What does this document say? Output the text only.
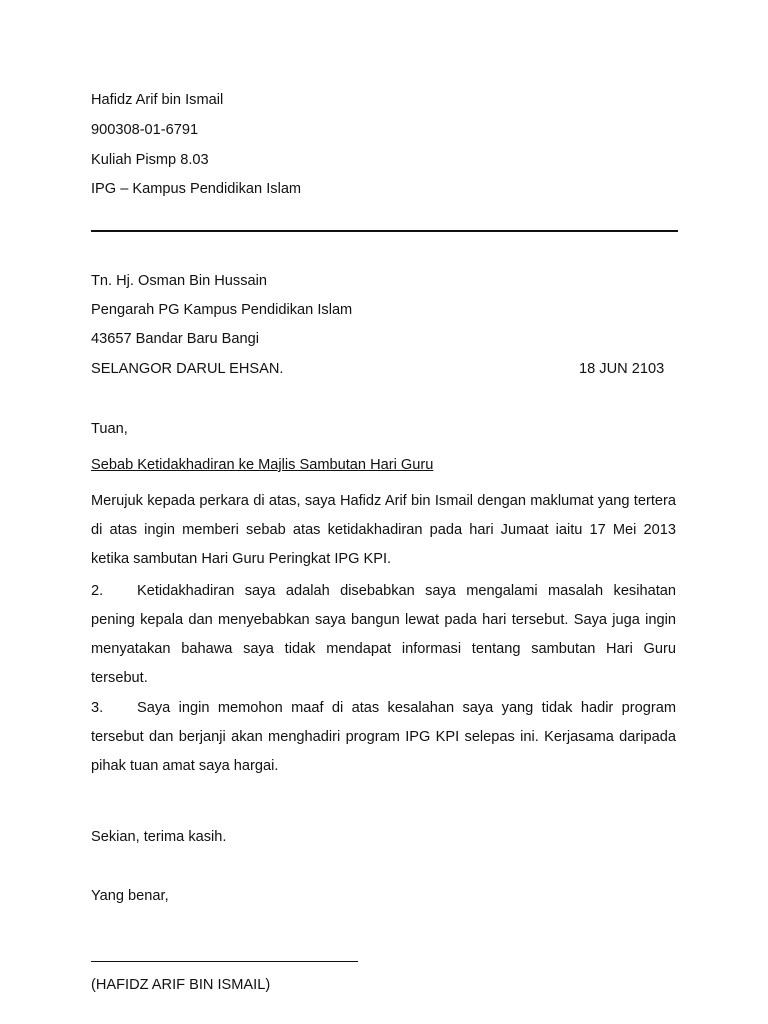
Hafidz Arif bin Ismail
900308-01-6791
Kuliah Pismp 8.03
IPG – Kampus Pendidikan Islam
Tn. Hj. Osman Bin Hussain
Pengarah PG Kampus Pendidikan Islam
43657 Bandar Baru Bangi
SELANGOR DARUL EHSAN.	18 JUN 2103
Tuan,
Sebab Ketidakhadiran ke Majlis Sambutan Hari Guru
Merujuk kepada perkara di atas, saya Hafidz Arif bin Ismail dengan maklumat yang tertera di atas ingin memberi sebab atas ketidakhadiran pada hari Jumaat iaitu 17 Mei 2013 ketika sambutan Hari Guru Peringkat IPG KPI.
2. Ketidakhadiran saya adalah disebabkan saya mengalami masalah kesihatan pening kepala dan menyebabkan saya bangun lewat pada hari tersebut. Saya juga ingin menyatakan bahawa saya tidak mendapat informasi tentang sambutan Hari Guru tersebut.
3. Saya ingin memohon maaf di atas kesalahan saya yang tidak hadir program tersebut dan berjanji akan menghadiri program IPG KPI selepas ini. Kerjasama daripada pihak tuan amat saya hargai.
Sekian, terima kasih.
Yang benar,
(HAFIDZ ARIF BIN ISMAIL)
